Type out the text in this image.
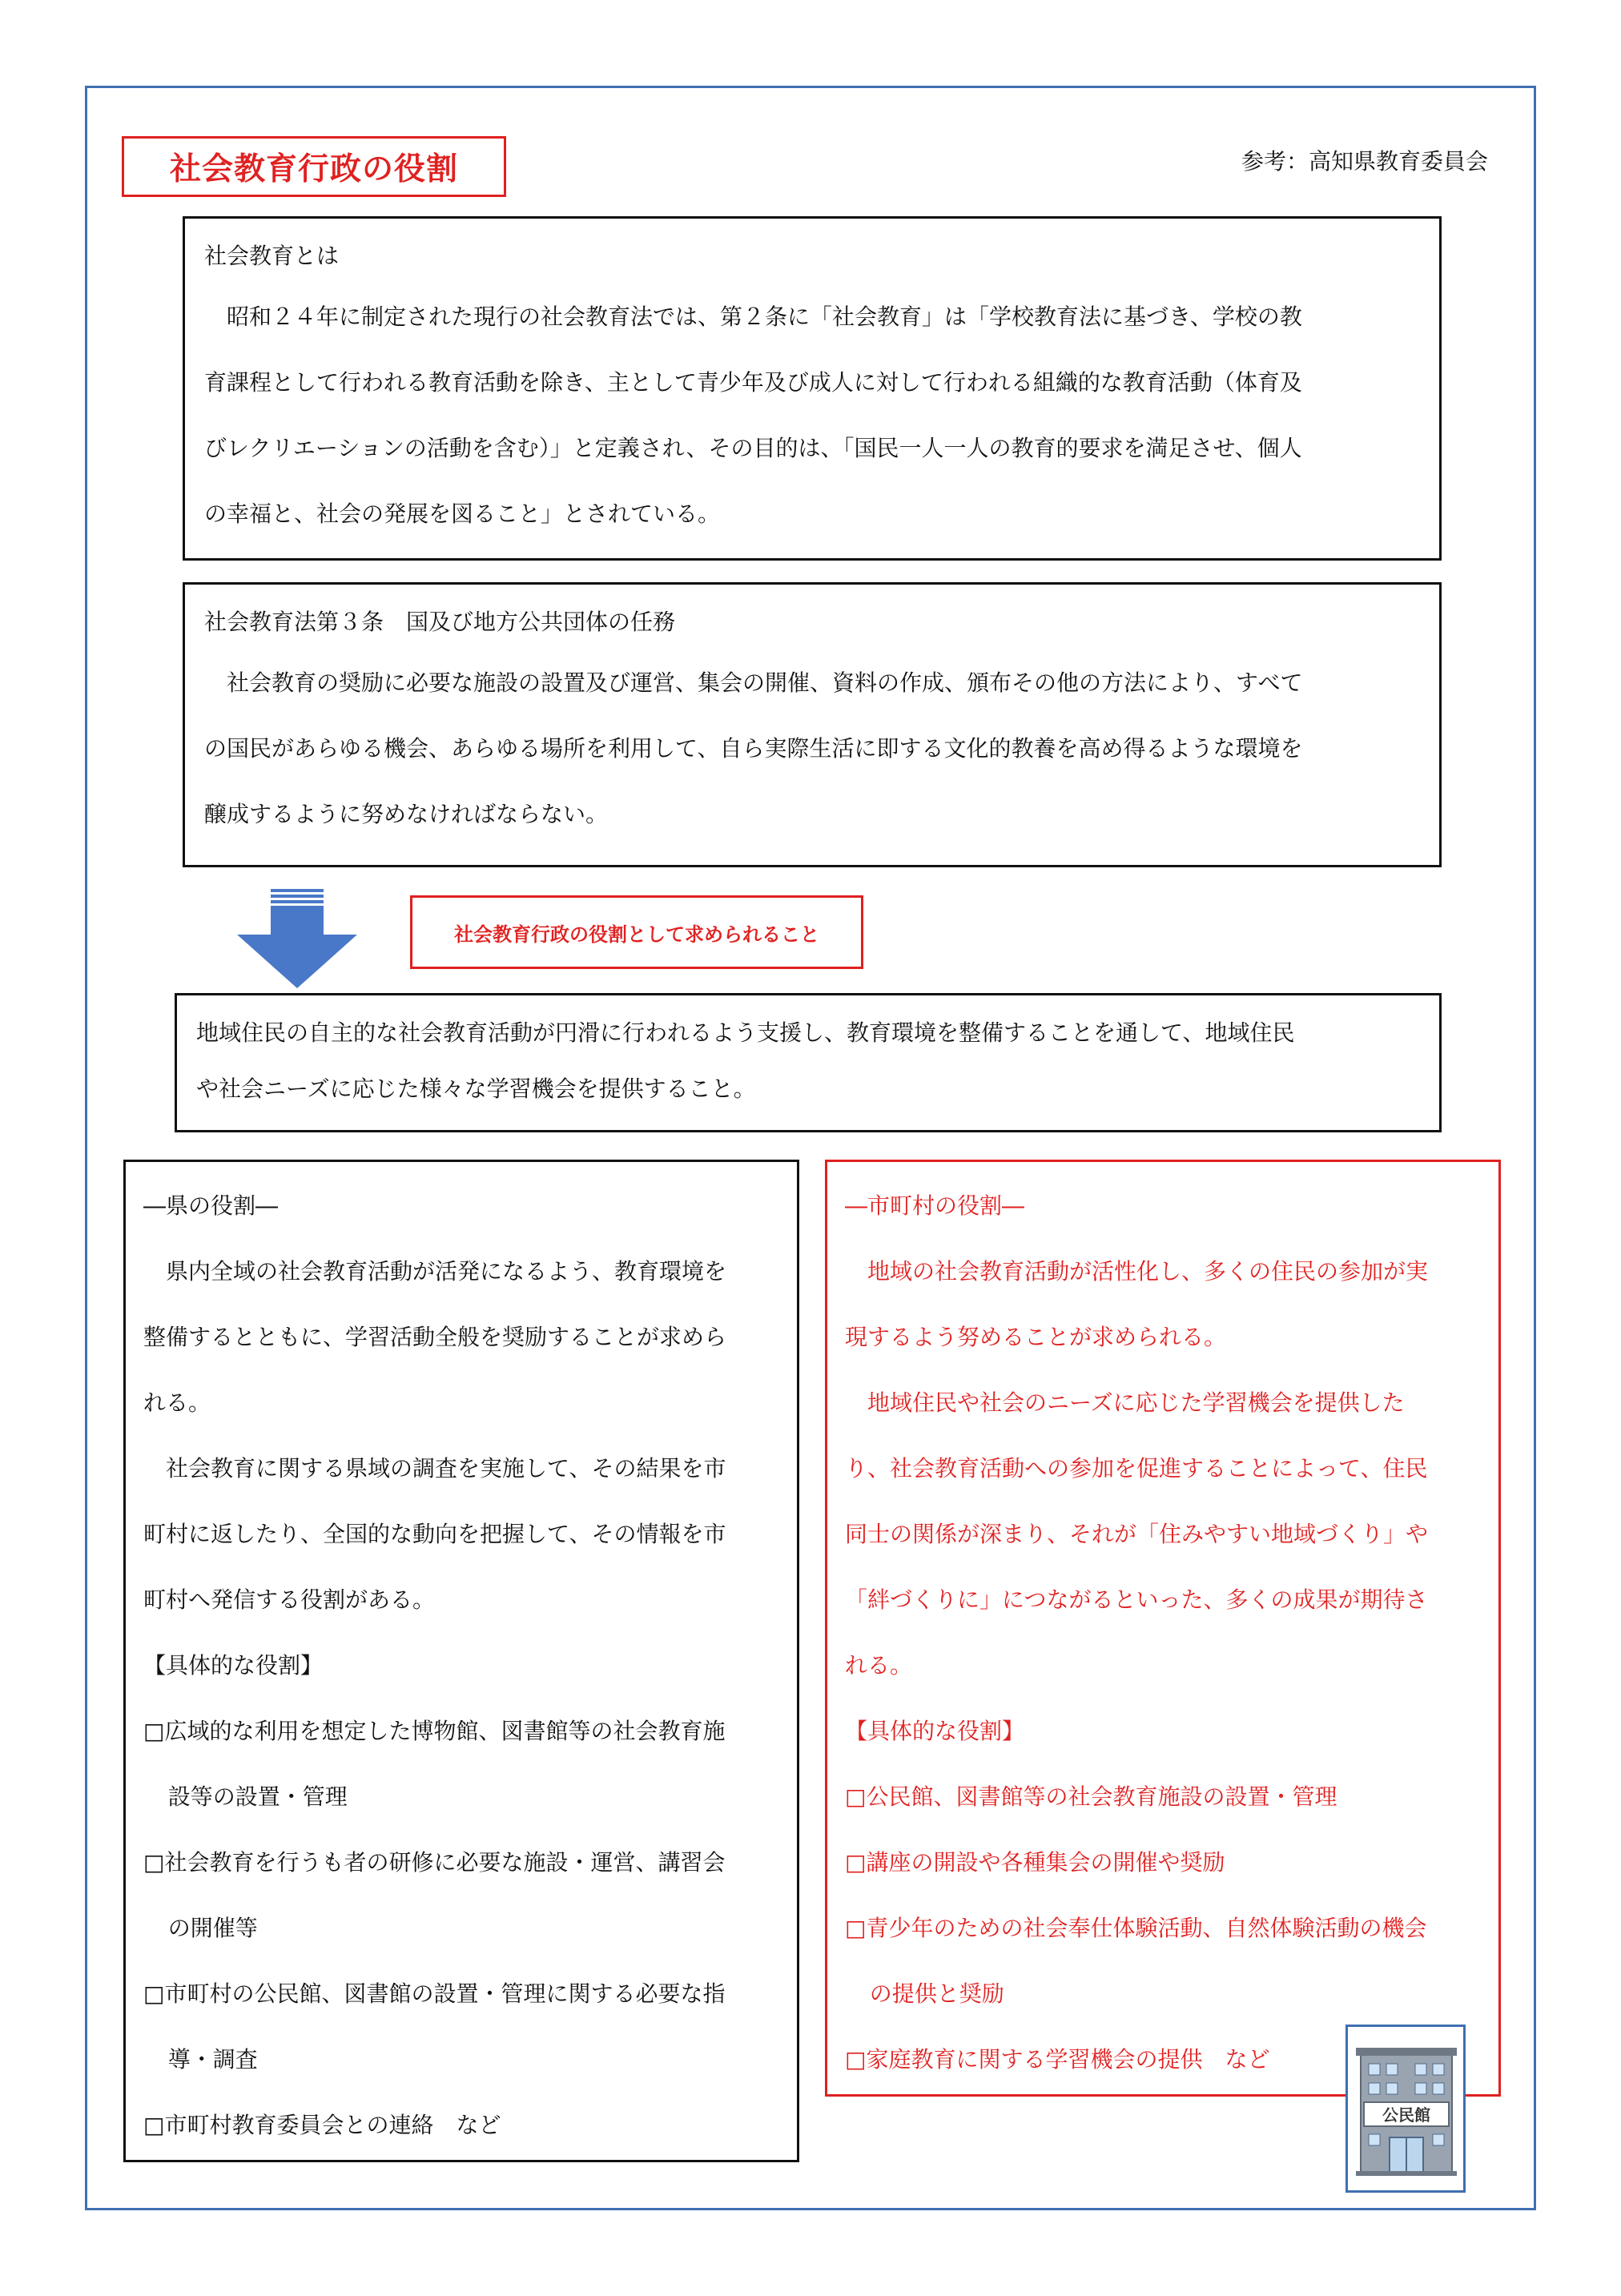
社会教育行政の役割	参考：高知県教育委員会
社会教育とは
　昭和２４年に制定された現行の社会教育法では、第２条に「社会教育」は「学校教育法に基づき、学校の教
育課程として行われる教育活動を除き、主として青少年及び成人に対して行われる組織的な教育活動（体育及
びレクリエーションの活動を含む）」と定義され、その目的は、「国民一人一人の教育的要求を満足させ、個人
の幸福と、社会の発展を図ること」とされている。
社会教育法第３条　国及び地方公共団体の任務
　社会教育の奨励に必要な施設の設置及び運営、集会の開催、資料の作成、頒布その他の方法により、すべて
の国民があらゆる機会、あらゆる場所を利用して、自ら実際生活に即する文化的教養を高め得るような環境を
醸成するように努めなければならない。
社会教育行政の役割として求められること
地域住民の自主的な社会教育活動が円滑に行われるよう支援し、教育環境を整備することを通して、地域住民
や社会ニーズに応じた様々な学習機会を提供すること。
―県の役割―
　県内全域の社会教育活動が活発になるよう、教育環境を
整備するとともに、学習活動全般を奨励することが求めら
れる。
　社会教育に関する県域の調査を実施して、その結果を市
町村に返したり、全国的な動向を把握して、その情報を市
町村へ発信する役割がある。
【具体的な役割】
□広域的な利用を想定した博物館、図書館等の社会教育施
設等の設置・管理
□社会教育を行うも者の研修に必要な施設・運営、講習会
の開催等
□市町村の公民館、図書館の設置・管理に関する必要な指
導・調査
□市町村教育委員会との連絡　など
―市町村の役割―
　地域の社会教育活動が活性化し、多くの住民の参加が実
現するよう努めることが求められる。
　地域住民や社会のニーズに応じた学習機会を提供した
り、社会教育活動への参加を促進することによって、住民
同士の関係が深まり、それが「住みやすい地域づくり」や
「絆づくりに」につながるといった、多くの成果が期待さ
れる。
【具体的な役割】
□公民館、図書館等の社会教育施設の設置・管理
□講座の開設や各種集会の開催や奨励
□青少年のための社会奉仕体験活動、自然体験活動の機会
の提供と奨励
□家庭教育に関する学習機会の提供　など
公民館
